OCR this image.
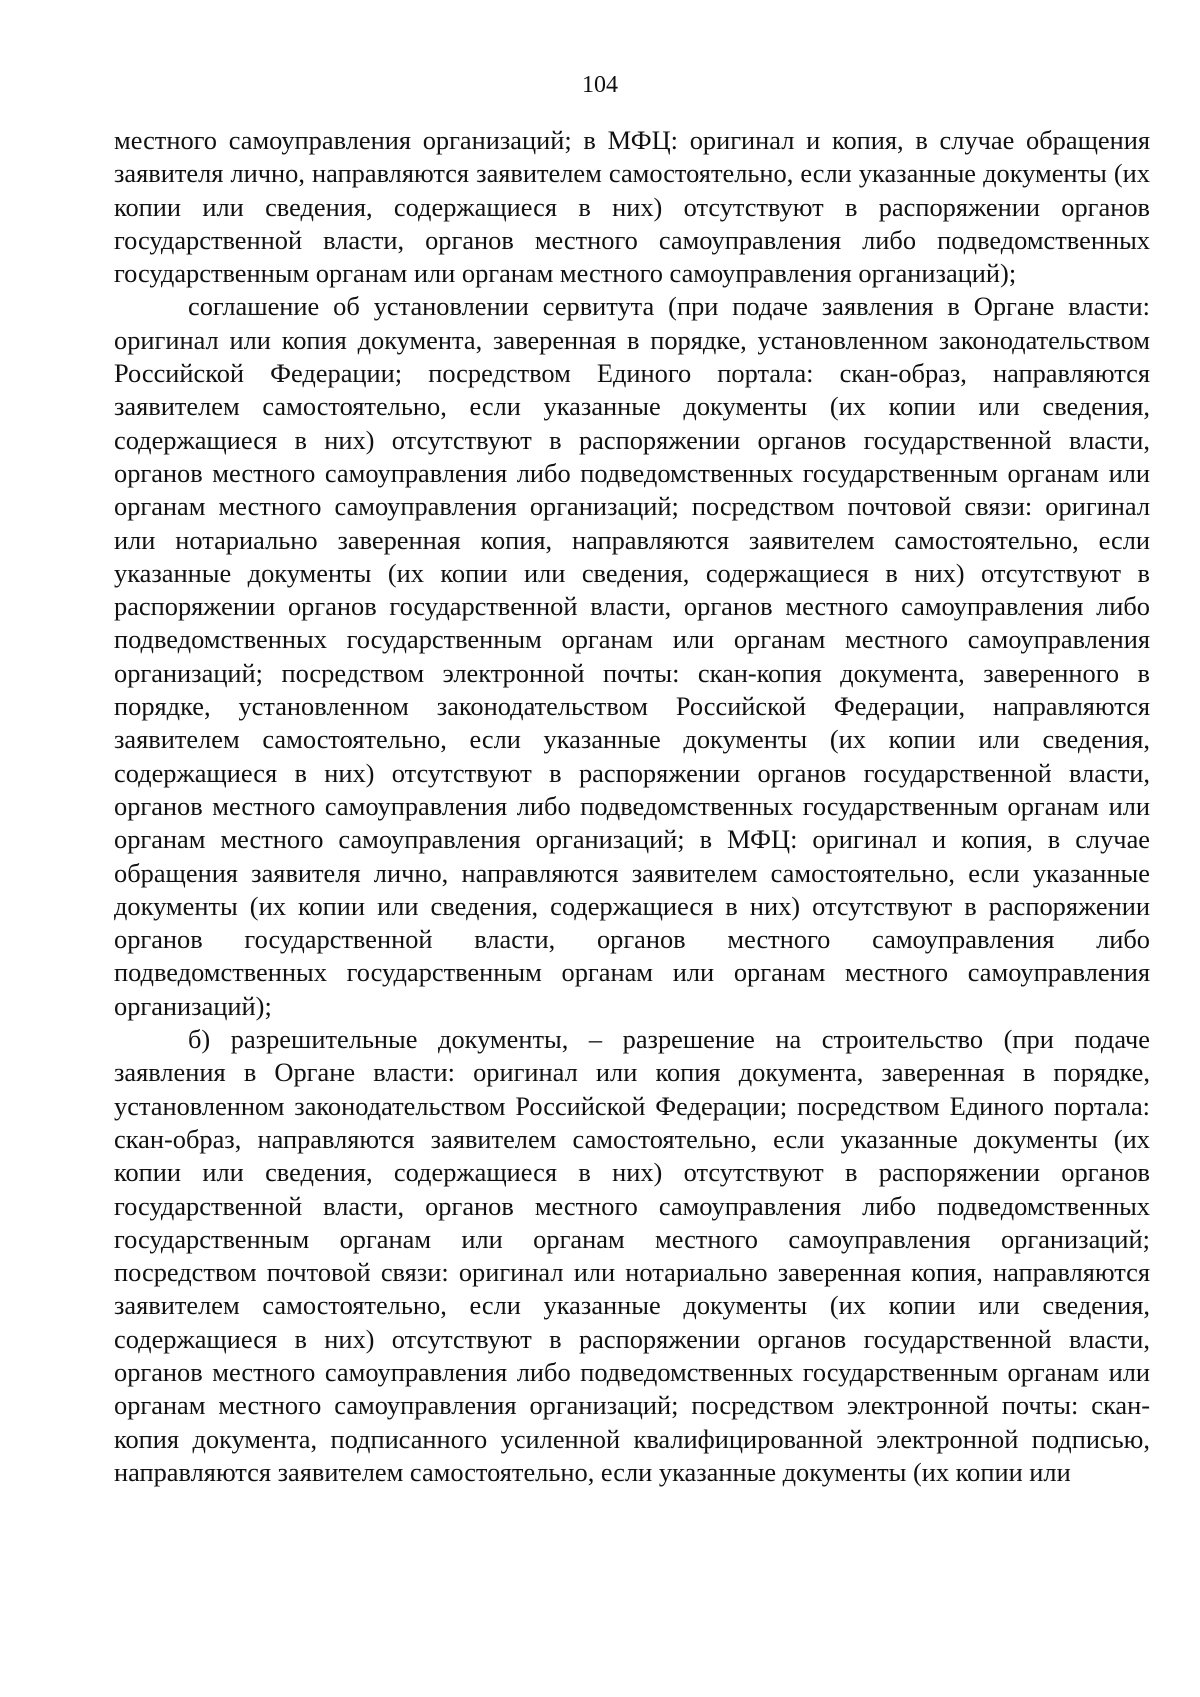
104

местного самоуправления организаций; в МФЦ: оригинал и копия, в случае обращения заявителя лично, направляются заявителем самостоятельно, если указанные документы (их копии или сведения, содержащиеся в них) отсутствуют в распоряжении органов государственной власти, органов местного самоуправления либо подведомственных государственным органам или органам местного самоуправления организаций);

соглашение об установлении сервитута (при подаче заявления в Органе власти: оригинал или копия документа, заверенная в порядке, установленном законодательством Российской Федерации; посредством Единого портала: скан-образ, направляются заявителем самостоятельно, если указанные документы (их копии или сведения, содержащиеся в них) отсутствуют в распоряжении органов государственной власти, органов местного самоуправления либо подведомственных государственным органам или органам местного самоуправления организаций; посредством почтовой связи: оригинал или нотариально заверенная копия, направляются заявителем самостоятельно, если указанные документы (их копии или сведения, содержащиеся в них) отсутствуют в распоряжении органов государственной власти, органов местного самоуправления либо подведомственных государственным органам или органам местного самоуправления организаций; посредством электронной почты: скан-копия документа, заверенного в порядке, установленном законодательством Российской Федерации, направляются заявителем самостоятельно, если указанные документы (их копии или сведения, содержащиеся в них) отсутствуют в распоряжении органов государственной власти, органов местного самоуправления либо подведомственных государственным органам или органам местного самоуправления организаций; в МФЦ: оригинал и копия, в случае обращения заявителя лично, направляются заявителем самостоятельно, если указанные документы (их копии или сведения, содержащиеся в них) отсутствуют в распоряжении органов государственной власти, органов местного самоуправления либо подведомственных государственным органам или органам местного самоуправления организаций);

б) разрешительные документы, – разрешение на строительство (при подаче заявления в Органе власти: оригинал или копия документа, заверенная в порядке, установленном законодательством Российской Федерации; посредством Единого портала: скан-образ, направляются заявителем самостоятельно, если указанные документы (их копии или сведения, содержащиеся в них) отсутствуют в распоряжении органов государственной власти, органов местного самоуправления либо подведомственных государственным органам или органам местного самоуправления организаций; посредством почтовой связи: оригинал или нотариально заверенная копия, направляются заявителем самостоятельно, если указанные документы (их копии или сведения, содержащиеся в них) отсутствуют в распоряжении органов государственной власти, органов местного самоуправления либо подведомственных государственным органам или органам местного самоуправления организаций; посредством электронной почты: скан-копия документа, подписанного усиленной квалифицированной электронной подписью, направляются заявителем самостоятельно, если указанные документы (их копии или
